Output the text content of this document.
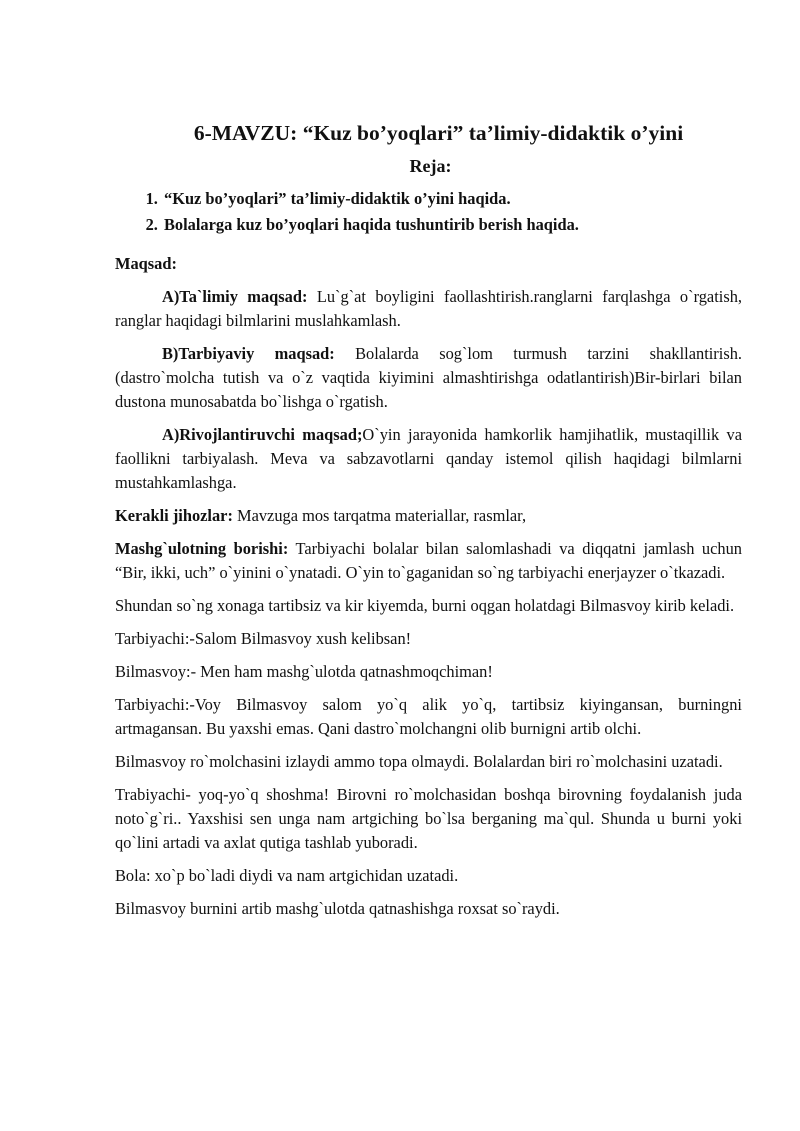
6-MAVZU: “Kuz bo’yoqlari” ta’limiy-didaktik o’yini
Reja:
1. “Kuz bo’yoqlari” ta’limiy-didaktik o’yini haqida.
2. Bolalarga kuz bo’yoqlari haqida tushuntirib berish haqida.

Maqsad:

A)Ta`limiy maqsad: Lu`g`at boyligini faollashtirish.ranglarni farqlashga o`rgatish, ranglar haqidagi bilmlarini muslahkamlash.

B)Tarbiyaviy maqsad: Bolalarda sog`lom turmush tarzini shakllantirish. (dastro`molcha tutish va o`z vaqtida kiyimini almashtirishga odatlantirish)Bir-birlari bilan dustona munosabatda bo`lishga o`rgatish.

A)Rivojlantiruvchi maqsad;O`yin jarayonida hamkorlik hamjihatlik, mustaqillik va faollikni tarbiyalash. Meva va sabzavotlarni qanday istemol qilish haqidagi bilmlarni mustahkamlashga.

Kerakli jihozlar: Mavzuga mos tarqatma materiallar, rasmlar,

Mashg`ulotning borishi: Tarbiyachi bolalar bilan salomlashadi va diqqatni jamlash uchun “Bir, ikki, uch” o`yinini o`ynatadi. O`yin to`gaganidan so`ng tarbiyachi enerjayzer o`tkazadi.

Shundan so`ng xonaga tartibsiz va kir kiyemda, burni oqgan holatdagi Bilmasvoy kirib keladi.

Tarbiyachi:-Salom Bilmasvoy xush kelibsan!

Bilmasvoy:- Men ham mashg`ulotda qatnashmoqchiman!

Tarbiyachi:-Voy Bilmasvoy salom yo`q alik yo`q, tartibsiz kiyingansan, burningni artmagansan. Bu yaxshi emas. Qani dastro`molchangni olib burnigni artib olchi.

Bilmasvoy ro`molchasini izlaydi ammo topa olmaydi. Bolalardan biri ro`molchasini uzatadi.

Trabiyachi- yoq-yo`q shoshma! Birovni ro`molchasidan boshqa birovning foydalanish juda noto`g`ri.. Yaxshisi sen unga nam artgiching bo`lsa berganing ma`qul. Shunda u burni yoki qo`lini artadi va axlat qutiga tashlab yuboradi.

Bola: xo`p bo`ladi diydi va nam artgichidan uzatadi.

Bilmasvoy burnini artib mashg`ulotda qatnashishga roxsat so`raydi.
